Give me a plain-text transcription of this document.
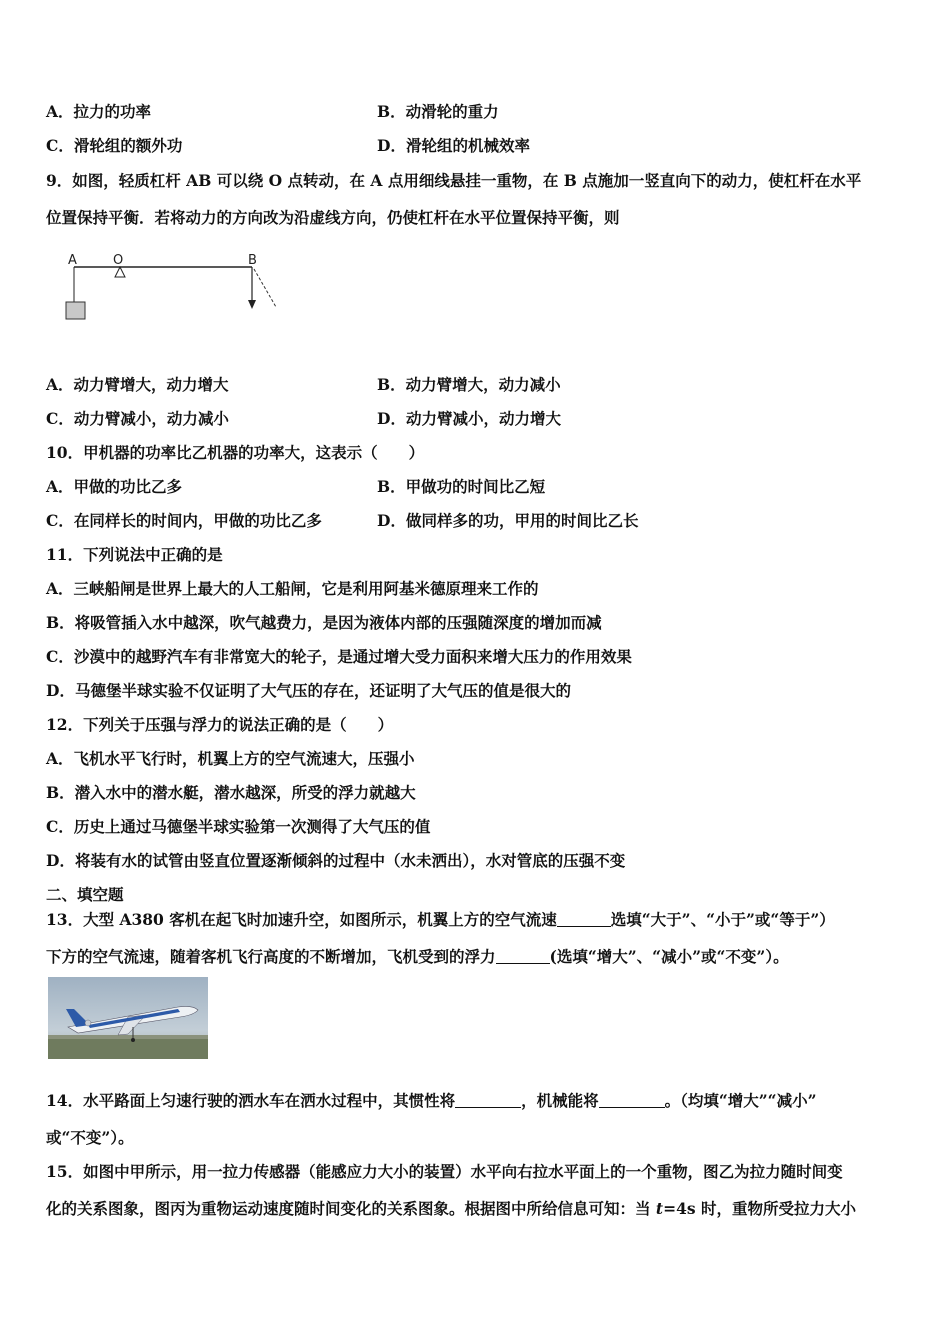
A．拉力的功率	B．动滑轮的重力
C．滑轮组的额外功	D．滑轮组的机械效率
9．如图，轻质杠杆 AB 可以绕 O 点转动，在 A 点用细线悬挂一重物，在 B 点施加一竖直向下的动力，使杠杆在水平
位置保持平衡．若将动力的方向改为沿虚线方向，仍使杠杆在水平位置保持平衡，则
A	O	B
A．动力臂增大，动力增大	B．动力臂增大，动力减小
C．动力臂减小，动力减小	D．动力臂减小，动力增大
10．甲机器的功率比乙机器的功率大，这表示（　　）
A．甲做的功比乙多	B．甲做功的时间比乙短
C．在同样长的时间内，甲做的功比乙多	D．做同样多的功，甲用的时间比乙长
11．下列说法中正确的是
A．三峡船闸是世界上最大的人工船闸，它是利用阿基米德原理来工作的
B．将吸管插入水中越深，吹气越费力，是因为液体内部的压强随深度的增加而减
C．沙漠中的越野汽车有非常宽大的轮子，是通过增大受力面积来增大压力的作用效果
D．马德堡半球实验不仅证明了大气压的存在，还证明了大气压的值是很大的
12．下列关于压强与浮力的说法正确的是（　　）
A．飞机水平飞行时，机翼上方的空气流速大，压强小
B．潜入水中的潜水艇，潜水越深，所受的浮力就越大
C．历史上通过马德堡半球实验第一次测得了大气压的值
D．将装有水的试管由竖直位置逐渐倾斜的过程中（水未洒出），水对管底的压强不变
二、填空题
13．大型 A380 客机在起飞时加速升空，如图所示，机翼上方的空气流速	选填“大于”、“小于”或“等于”）
下方的空气流速，随着客机飞行高度的不断增加，飞机受到的浮力	(选填“增大”、“减小”或“不变”）。
14．水平路面上匀速行驶的洒水车在洒水过程中，其惯性将	，机械能将	。（均填“增大”“减小”
或“不变”）。
15．如图中甲所示，用一拉力传感器（能感应力大小的装置）水平向右拉水平面上的一个重物，图乙为拉力随时间变
化的关系图象，图丙为重物运动速度随时间变化的关系图象。根据图中所给信息可知：当 t=4s 时，重物所受拉力大小
